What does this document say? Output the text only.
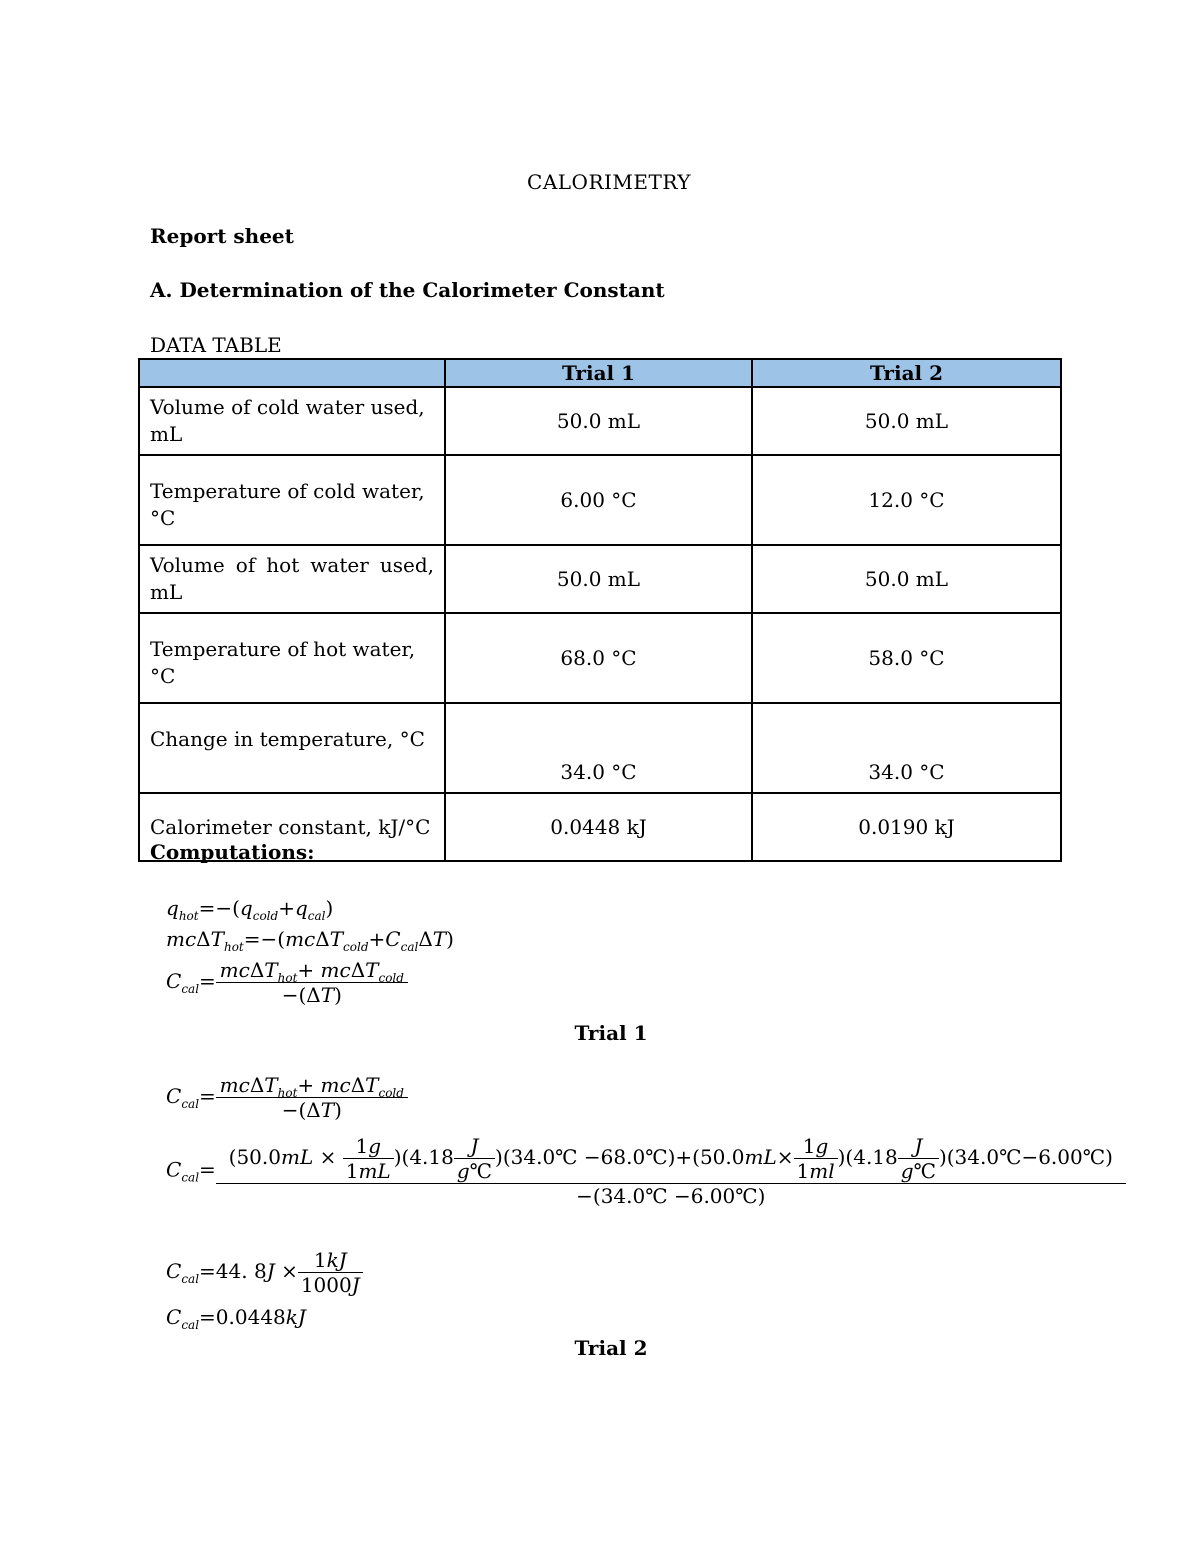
CALORIMETRY
Report sheet
A. Determination of the Calorimeter Constant
DATA TABLE
	Trial 1	Trial 2
Volume of cold water used, mL	50.0 mL	50.0 mL
Temperature of cold water, °C	6.00 °C	12.0 °C
Volume of hot water used, mL	50.0 mL	50.0 mL
Temperature of hot water, °C	68.0 °C	58.0 °C
Change in temperature, °C	34.0 °C	34.0 °C
Calorimeter constant, kJ/°C	0.0448 kJ	0.0190 kJ
Computations:
$q_{hot}=-(q_{cold}+q_{cal})$
$mc\Delta T_{hot}=-(mc\Delta T_{cold}+C_{cal}\Delta T)$
$C_{cal}= \frac{mc\Delta T_{hot}+ mc\Delta T_{cold}}{-(\Delta T)}$
Trial 1
$C_{cal}= \frac{mc\Delta T_{hot}+ mc\Delta T_{cold}}{-(\Delta T)}$
$C_{cal}=$
$(50.0mL \times \frac{1g}{1mL} )(4.18 \frac{J}{g℃}$ )(34.0℃ −68.0℃)+(50.0mL× $\frac{1g}{1ml} )(4.18 \frac{J}{g℃}$ )(34.0℃−6.00℃)
−(34.0℃ −6.00℃)
$C_{cal}=44$. $8J \times \frac{1kJ}{1000J}$
$C_{cal}=0.0448kJ$
Trial 2
